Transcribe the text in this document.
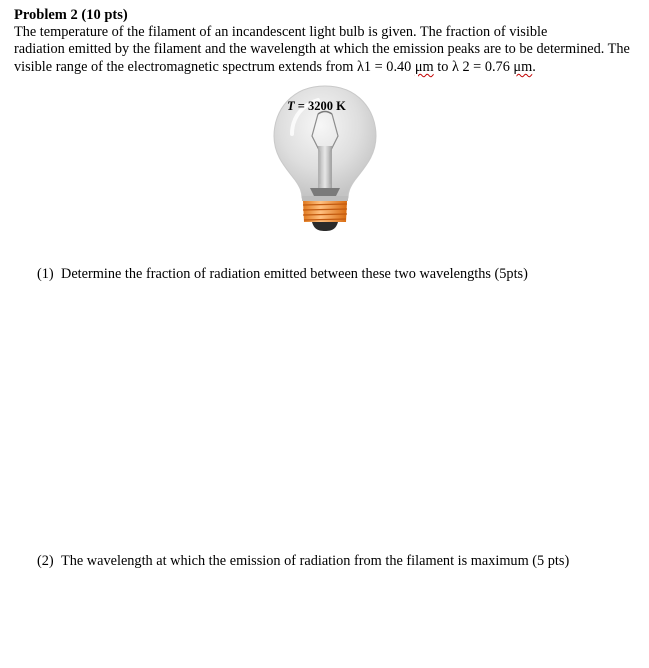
Problem 2 (10 pts)
The temperature of the filament of an incandescent light bulb is given. The fraction of visible
radiation emitted by the filament and the wavelength at which the emission peaks are to be determined. The
visible range of the electromagnetic spectrum extends from λ1 = 0.40 μm to λ 2 = 0.76 μm.
T = 3200 K
(1) Determine the fraction of radiation emitted between these two wavelengths (5pts)
(2) The wavelength at which the emission of radiation from the filament is maximum (5 pts)
